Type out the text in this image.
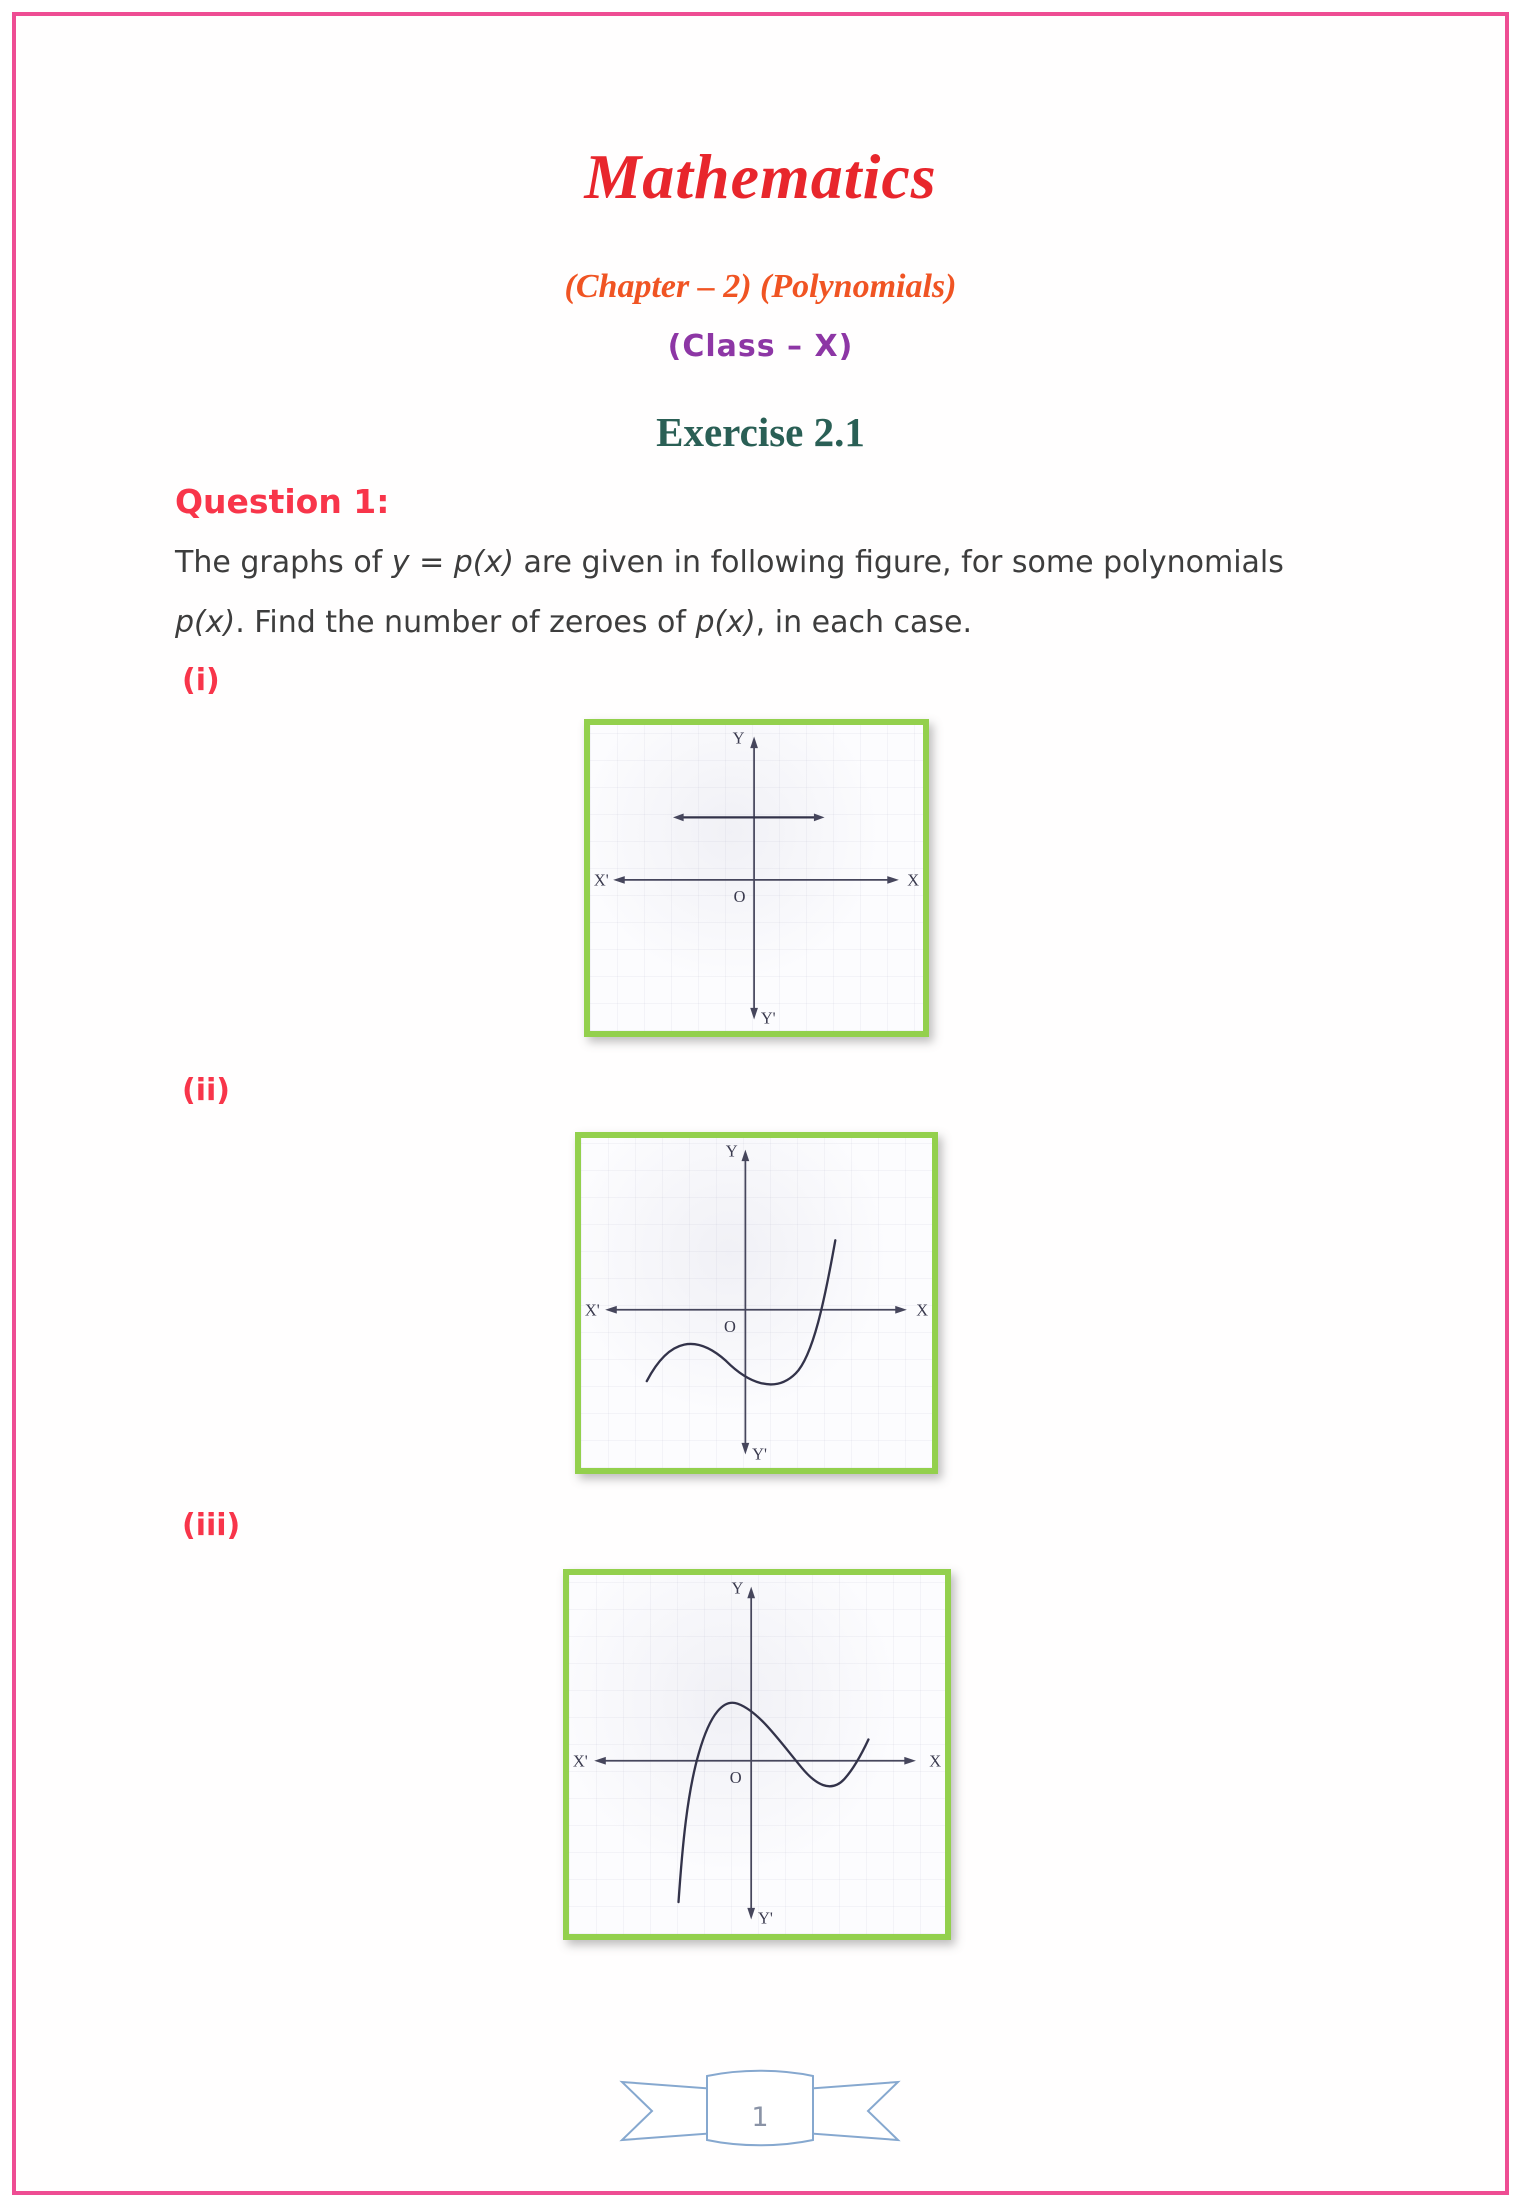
Mathematics
(Chapter – 2) (Polynomials)
(Class – X)
Exercise 2.1
Question 1:
The graphs of y = p(x) are given in following figure, for some polynomials
p(x). Find the number of zeroes of p(x), in each case.
(i)
Y
Y'
X'	X
O
(ii)
Y
Y'
X'	X
O
(iii)
Y
Y'
X'	X
O
1
